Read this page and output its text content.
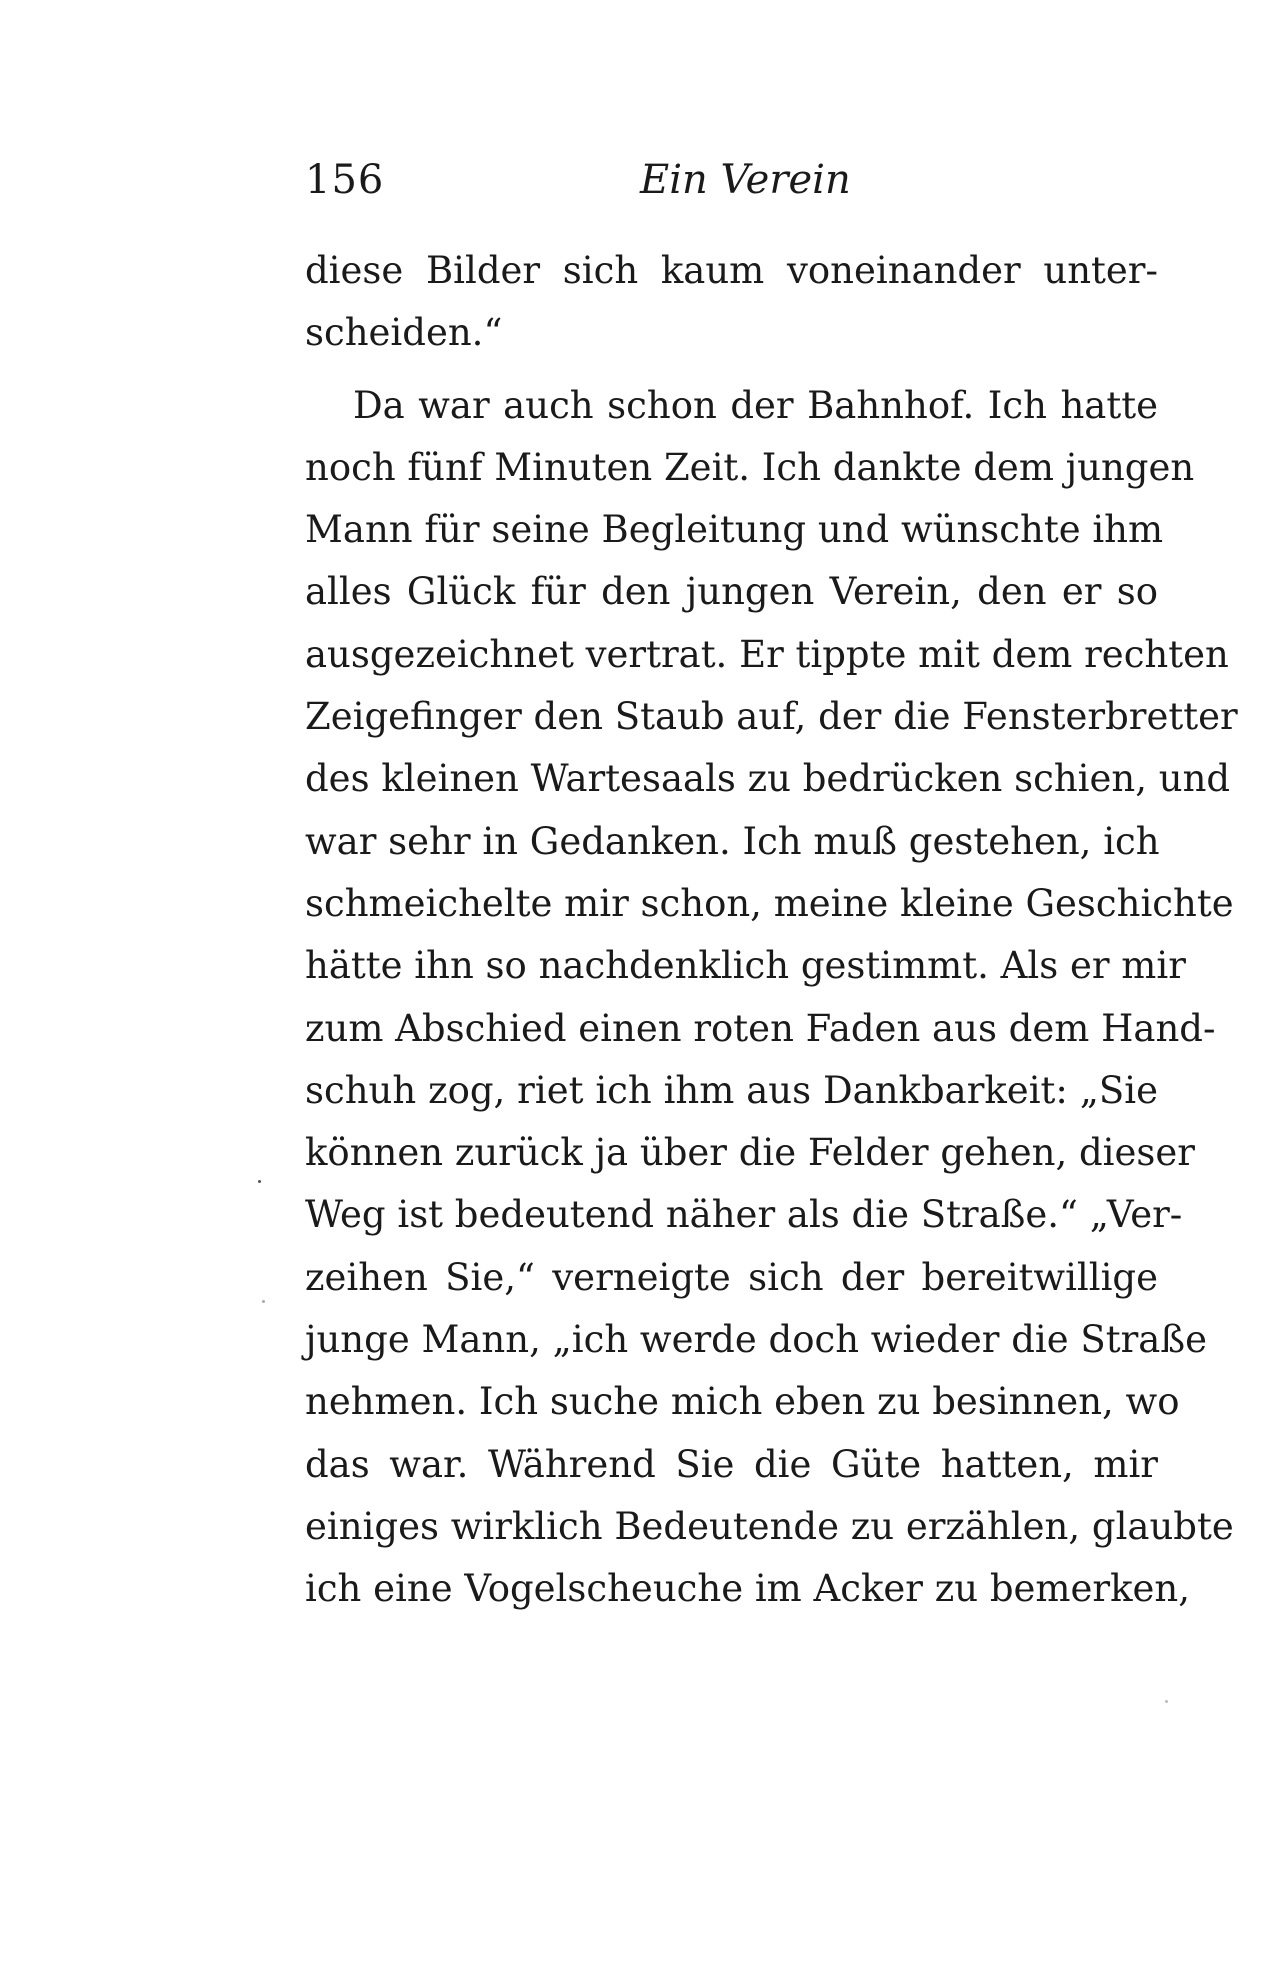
156	Ein Verein
diese Bilder sich kaum voneinander unter-
scheiden.“
Da war auch schon der Bahnhof. Ich hatte
noch fünf Minuten Zeit. Ich dankte dem jungen
Mann für seine Begleitung und wünschte ihm
alles Glück für den jungen Verein, den er so
ausgezeichnet vertrat. Er tippte mit dem rechten
Zeigefinger den Staub auf, der die Fensterbretter
des kleinen Wartesaals zu bedrücken schien, und
war sehr in Gedanken. Ich muß gestehen, ich
schmeichelte mir schon, meine kleine Geschichte
hätte ihn so nachdenklich gestimmt. Als er mir
zum Abschied einen roten Faden aus dem Hand-
schuh zog, riet ich ihm aus Dankbarkeit: „Sie
können zurück ja über die Felder gehen, dieser
Weg ist bedeutend näher als die Straße.“ „Ver-
zeihen Sie,“ verneigte sich der bereitwillige
junge Mann, „ich werde doch wieder die Straße
nehmen. Ich suche mich eben zu besinnen, wo
das war. Während Sie die Güte hatten, mir
einiges wirklich Bedeutende zu erzählen, glaubte
ich eine Vogelscheuche im Acker zu bemerken,
